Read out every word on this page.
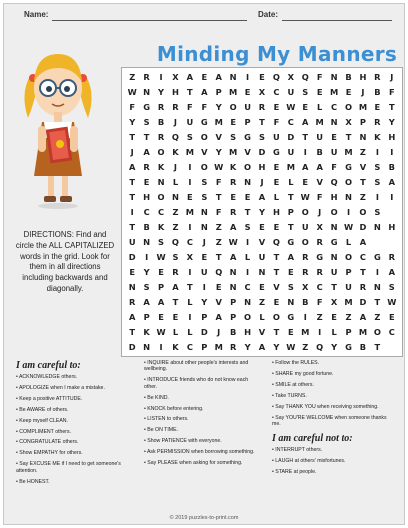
Name:	Date:
Minding My Manners
Z R	I	X A	E	A N	I	E Q X Q F N B H R	J
W N Y H T	A P M E	X C U S	E M E	J	B	F
F G R R	F	F	Y O U R	E W E	L	C O M E	T
Y	S B	J	U G M E	P	T	F	C A M N X P R Y
T	T	R Q S O V S G S U D T U E	T N K H
J	A O K M V Y M V D G U	I	B U M Z	I	I
A R K	J	I	O W K O H E M A A	F G V S B
T	E N L	I	S	F	R N	J	E	L	E	V Q O T	S A
T H O N E	S	T	E	E	A	L	T W F H N Z	I	I
I	C	C	Z M N F	R	T	Y H P O	J	O	I	O S
T	B K Z	I	N Z A S	E	E	T U X N W D N H
U N S Q C	J	Z W I	V Q G O R G	L	A
D	I W S X	E	T	A	L	U T	A R G N O C G R
E	Y	E	R	I	U Q N	I	N T	E	R R U P	T	I	A
N S	P A	T	I	E N C	E	V S X C	T U R N S
R A A	T	L	Y V P N Z	E N B	F	X M D T W
A P	E	E	I	P A P O L O G	I	Z	E	Z A Z	E
T	K W L	L	D	J	B H V	T	E M	I	L	P M O C
D N	I	K C	P M R Y A Y W Z Q Y G B	T
DIRECTIONS: Find and circle the ALL CAPITALIZED words in the grid. Look for them in all directions including backwards and diagonally.
I am careful to:
• ACKNOWLEDGE others.
• APOLOGIZE when I make a mistake.
• Keep a positive ATTITUDE.
• Be AWARE of others.
• Keep myself CLEAN.
• COMPLIMENT others.
• CONGRATULATE others.
• Show EMPATHY for others.
• Say EXCUSE ME if I need to get someone's attention.
• Be HONEST.
• INQUIRE about other people's interests and wellbeing.
• INTRODUCE friends who do not know each other.
• Be KIND.
• KNOCK before entering.
• LISTEN to others.
• Be ON TIME.
• Show PATIENCE with everyone.
• Ask PERMISSION when borrowing something.
• Say PLEASE when asking for something.
• Follow the RULES.
• SHARE my good fortune.
• SMILE at others.
• Take TURNS.
• Say THANK YOU when receiving something.
• Say YOU'RE WELCOME when someone thanks me.
I am careful not to:
• INTERRUPT others.
• LAUGH at others' misfortunes.
• STARE at people.
© 2019 puzzles-to-print.com
